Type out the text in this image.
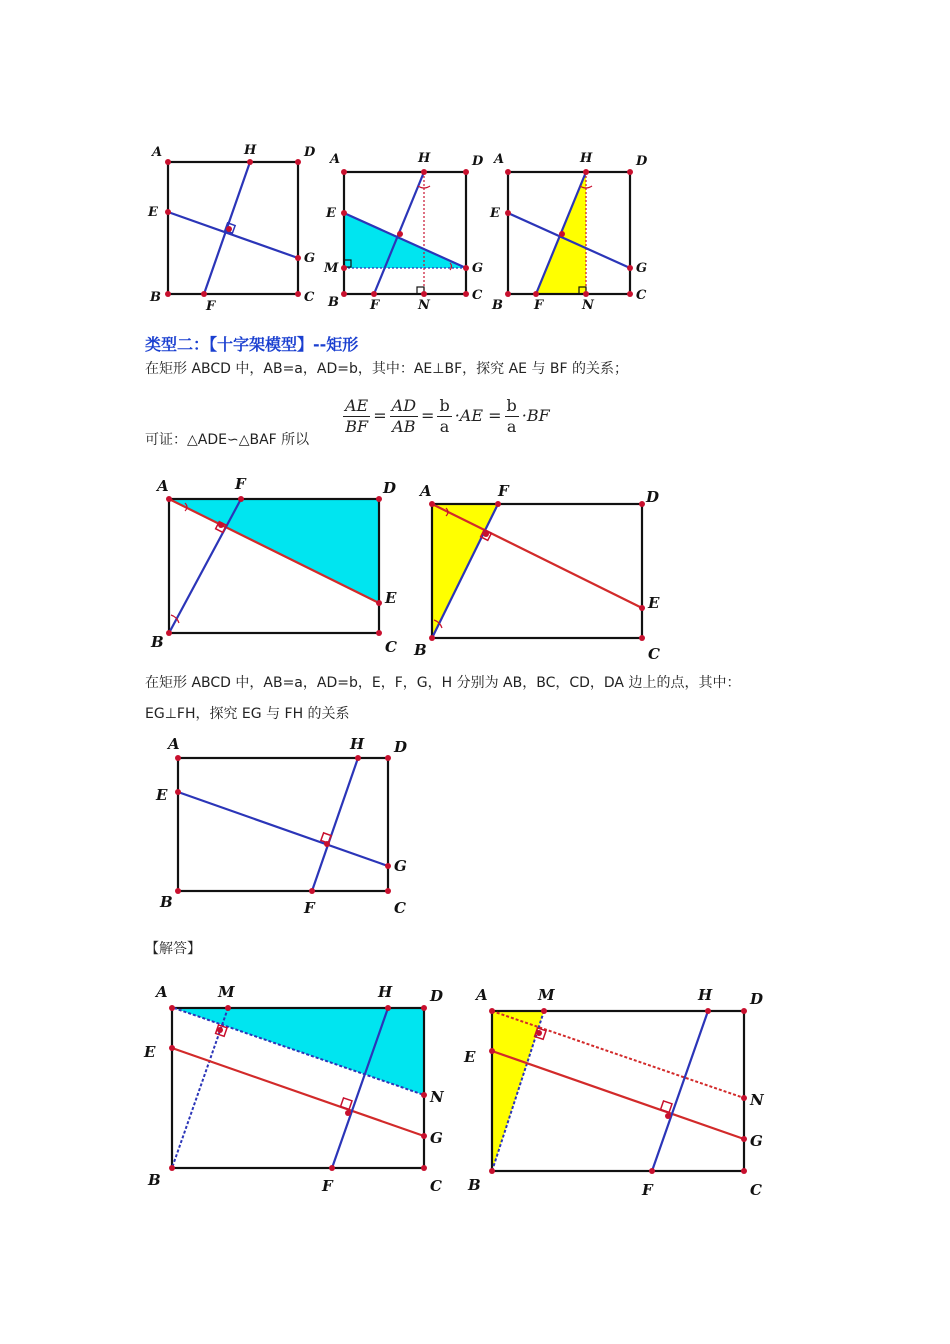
A	H	D
E
G
B
F
C
A	H	D
E
M	G
B F	N
C
A	H	D
E
G
B F	N
C
类型二：【十字架模型】--矩形
在矩形 ABCD 中，AB=a，AD=b，其中：AE⊥BF，探究 AE 与 BF 的关系；
可证：△ADE∽△BAF 所以
$\frac{AE}{BF} = \frac{AD}{AB} = \frac{b}{a} \cdot AE = \frac{b}{a} \cdot BF$
A	F	D
E
B	C
A	F	D
E
B	C
在矩形 ABCD 中，AB=a，AD=b，E，F，G，H 分别为 AB，BC，CD，DA 边上的点，其中：
EG⊥FH，探究 EG 与 FH 的关系
A	H D
E
G
B	F	C
【解答】
A	M	H	D
E
N
G
B	F	C
A	M	H	D
E
N
G
B	F	C
